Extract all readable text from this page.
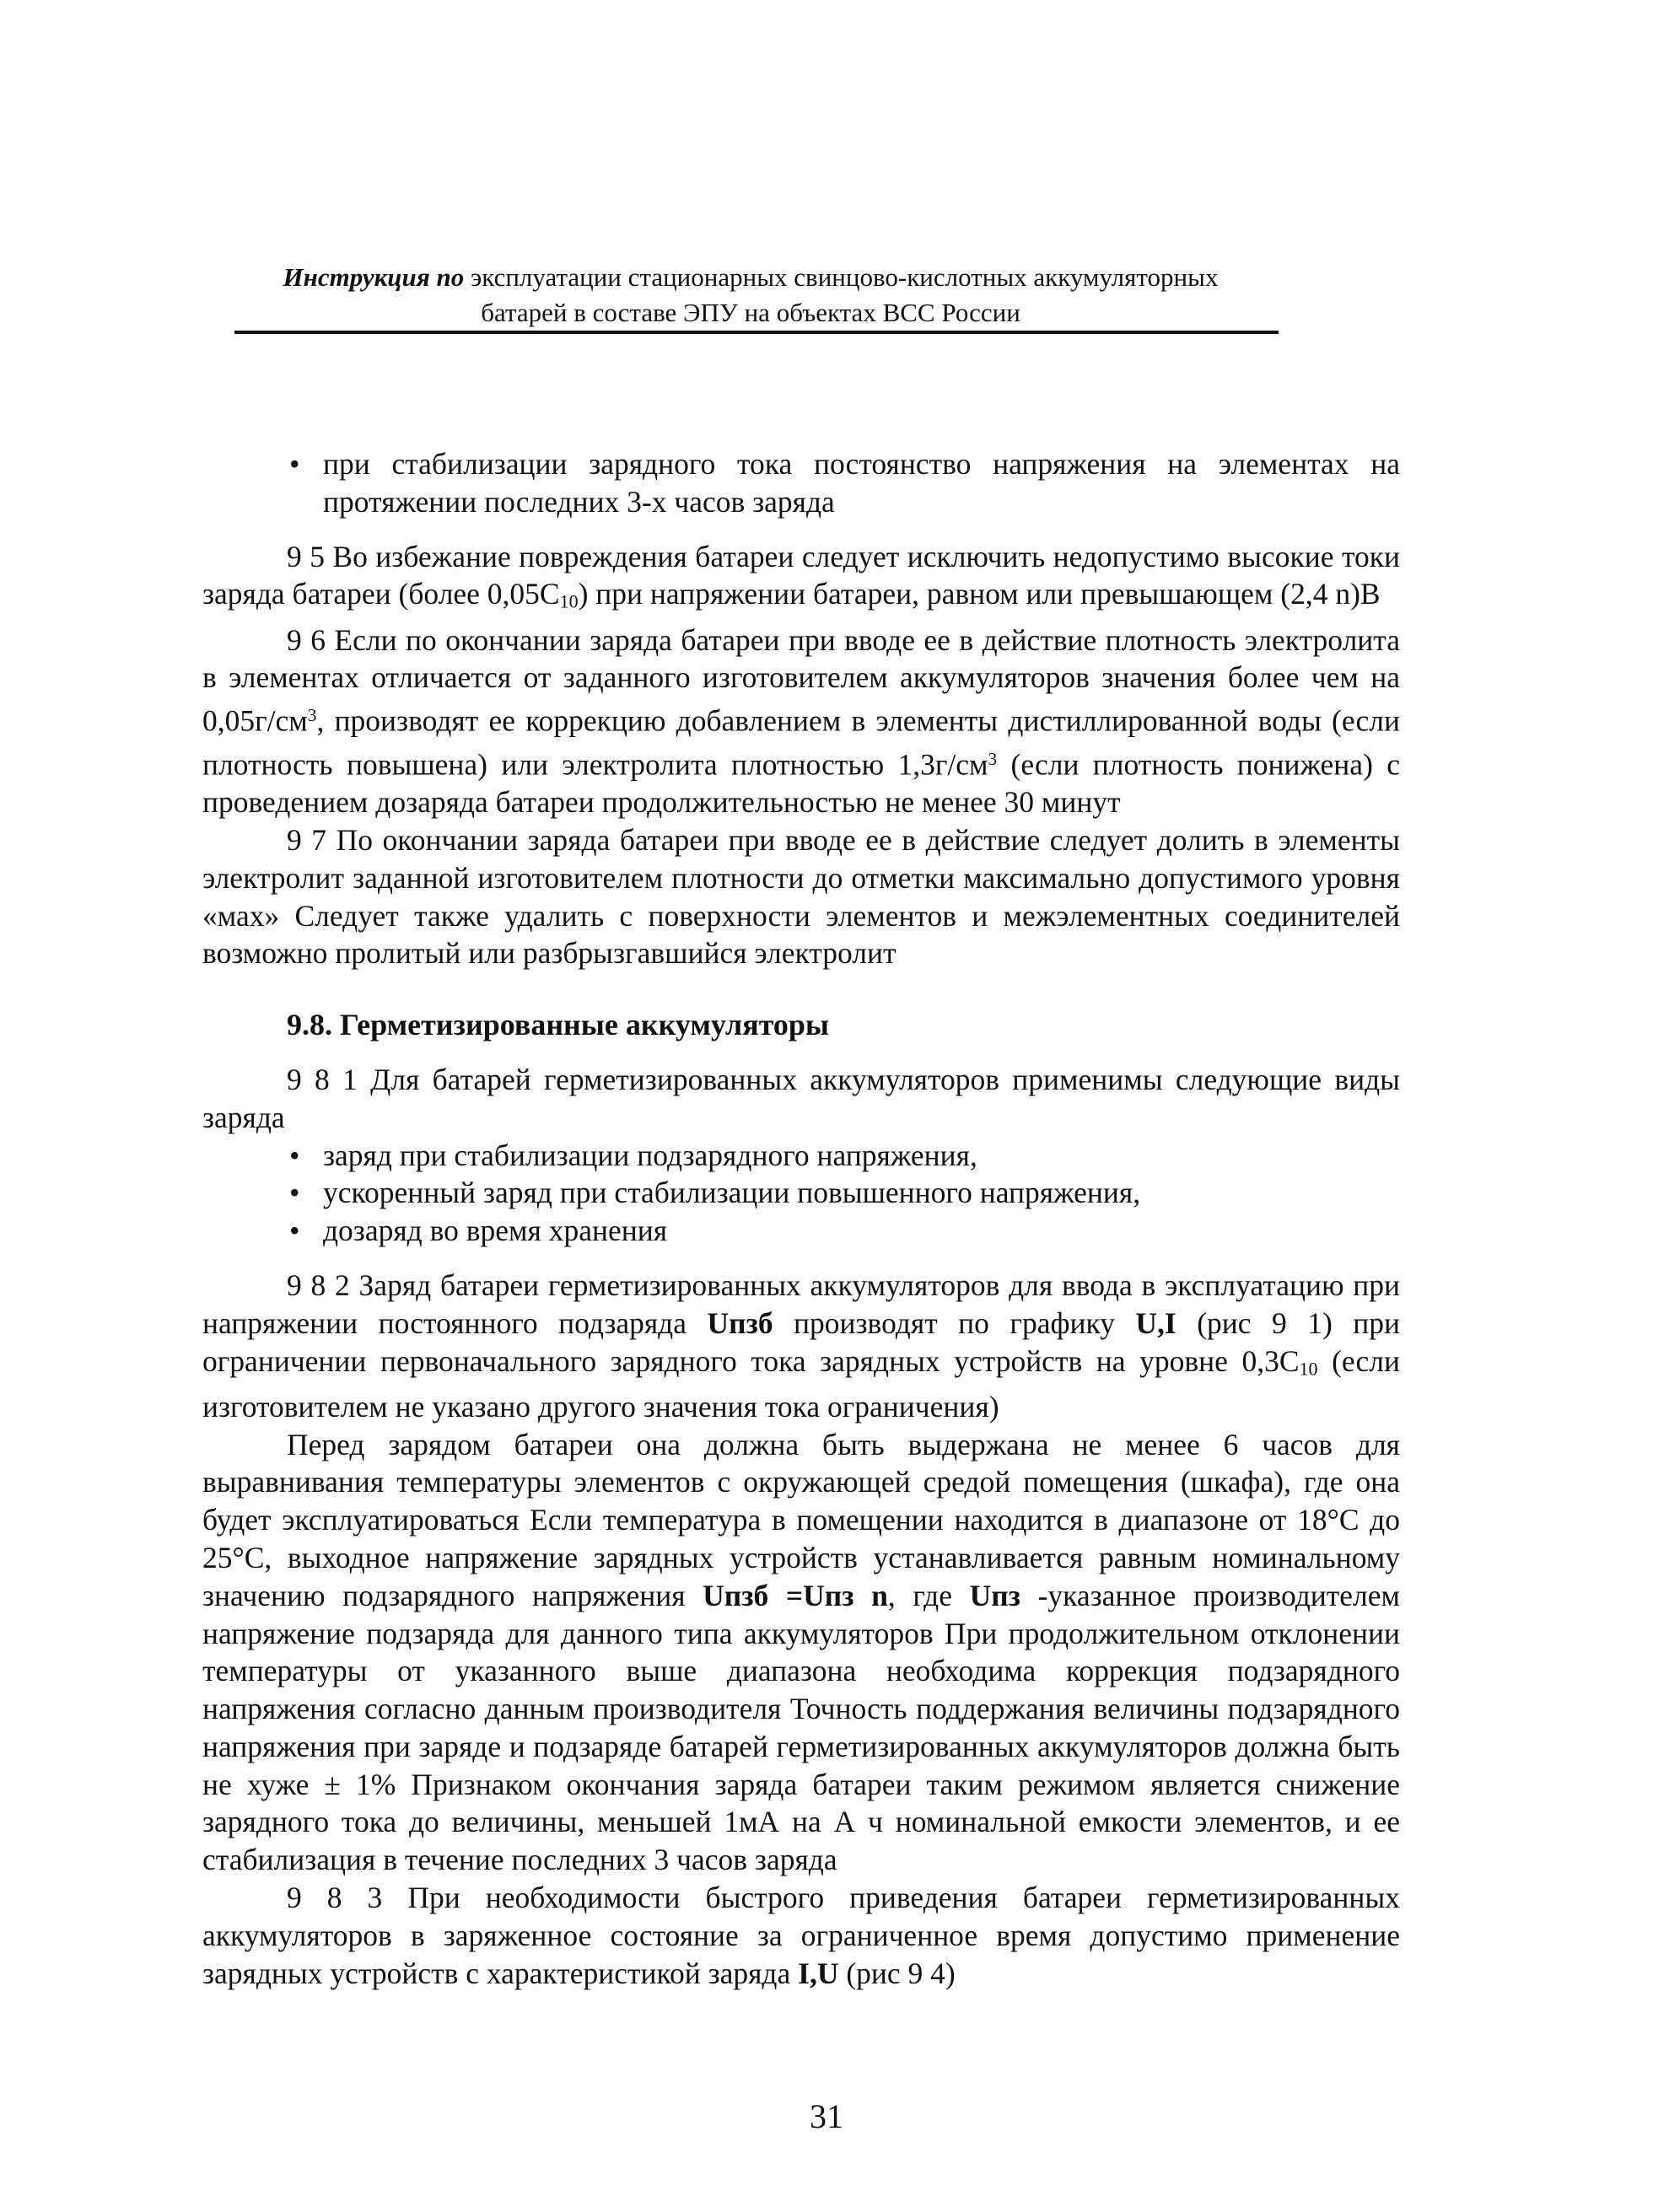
Инструкция по эксплуатации стационарных свинцово-кислотных аккумуляторных
батарей в составе ЭПУ на объектах ВСС России

• при стабилизации зарядного тока постоянство напряжения на элементах на протяжении последних 3-х часов заряда

9 5 Во избежание повреждения батареи следует исключить недопустимо высокие токи заряда батареи (более $0,05С_{10}$) при напряжении батареи, равном или превышающем (2,4 n)В

9 6 Если по окончании заряда батареи при вводе ее в действие плотность электролита в элементах отличается от заданного изготовителем аккумуляторов значения более чем на $0,05г/см^3$, производят ее коррекцию добавлением в элементы дистиллированной воды (если плотность повышена) или электролита плотностью $1,3г/см^3$ (если плотность понижена) с проведением дозаряда батареи продолжительностью не менее 30 минут

9 7 По окончании заряда батареи при вводе ее в действие следует долить в элементы электролит заданной изготовителем плотности до отметки максимально допустимого уровня «мах» Следует также удалить с поверхности элементов и межэлементных соединителей возможно пролитый или разбрызгавшийся электролит

9.8. Герметизированные аккумуляторы

9 8 1 Для батарей герметизированных аккумуляторов применимы следующие виды заряда

• заряд при стабилизации подзарядного напряжения,

• ускоренный заряд при стабилизации повышенного напряжения,

• дозаряд во время хранения

9 8 2 Заряд батареи герметизированных аккумуляторов для ввода в эксплуатацию при напряжении постоянного подзаряда Uпзб производят по графику U,I (рис 9 1) при ограничении первоначального зарядного тока зарядных устройств на уровне $0,3С_{10}$ (если изготовителем не указано другого значения тока ограничения)

Перед зарядом батареи она должна быть выдержана не менее 6 часов для выравнивания температуры элементов с окружающей средой помещения (шкафа), где она будет эксплуатироваться Если температура в помещении находится в диапазоне от 18°С до 25°С, выходное напряжение зарядных устройств устанавливается равным номинальному значению подзарядного напряжения Uпзб =Uпз n, где Uпз -указанное производителем напряжение подзаряда для данного типа аккумуляторов При продолжительном отклонении температуры от указанного выше диапазона необходима коррекция подзарядного напряжения согласно данным производителя Точность поддержания величины подзарядного напряжения при заряде и подзаряде батарей герметизированных аккумуляторов должна быть не хуже ± 1% Признаком окончания заряда батареи таким режимом является снижение зарядного тока до величины, меньшей 1мА на А ч номинальной емкости элементов, и ее стабилизация в течение последних 3 часов заряда

9 8 3 При необходимости быстрого приведения батареи герметизированных аккумуляторов в заряженное состояние за ограниченное время допустимо применение зарядных устройств с характеристикой заряда I,U (рис 9 4)

31
